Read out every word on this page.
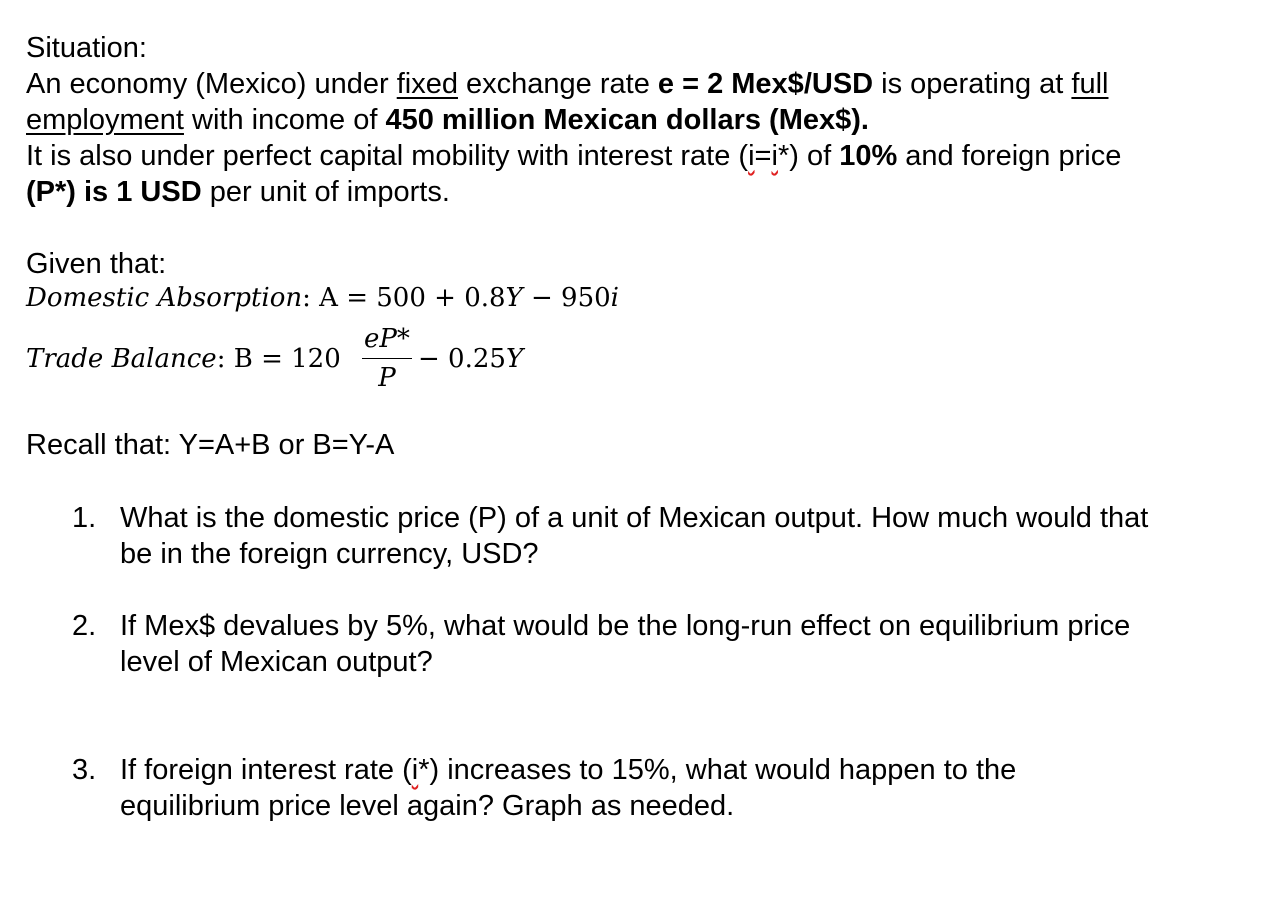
Situation:

An economy (Mexico) under fixed exchange rate e = 2 Mex$/USD is operating at full

employment with income of 450 million Mexican dollars (Mex$).

It is also under perfect capital mobility with interest rate (i=i*) of 10% and foreign price

(P*) is 1 USD per unit of imports.

Given that:

Domestic Absorption: A = 500 + 0.8Y − 950i
Trade Balance: B = 120
eP*
P
− 0.25Y

Recall that: Y=A+B or B=Y-A

1. What is the domestic price (P) of a unit of Mexican output. How much would that
be in the foreign currency, USD?
2. If Mex$ devalues by 5%, what would be the long-run effect on equilibrium price
level of Mexican output?
3. If foreign interest rate (i*) increases to 15%, what would happen to the
equilibrium price level again? Graph as needed.
